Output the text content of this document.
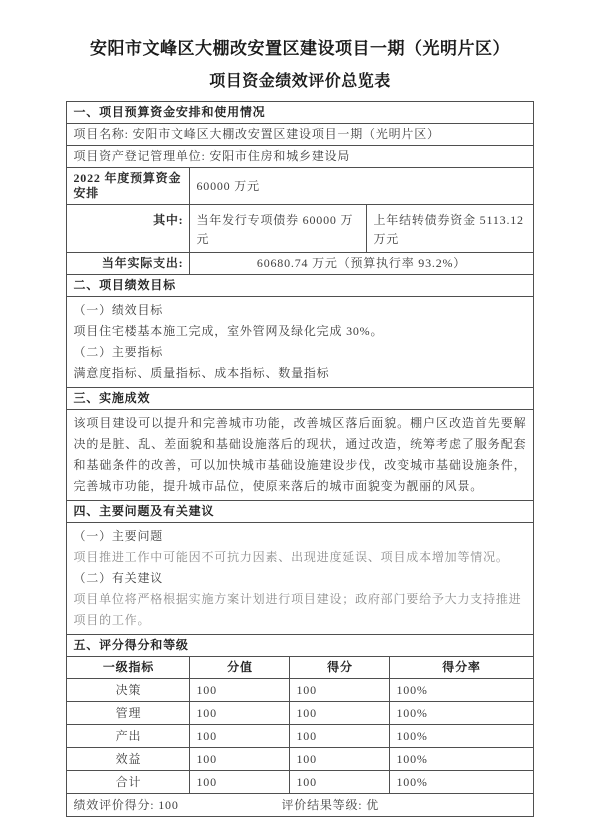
安阳市文峰区大棚改安置区建设项目一期（光明片区）
项目资金绩效评价总览表
一、项目预算资金安排和使用情况				
项目名称: 安阳市文峰区大棚改安置区建设项目一期（光明片区）				
项目资产登记管理单位: 安阳市住房和城乡建设局				
2022 年度预算资金安排	60000 万元			
其中:	当年发行专项债券 60000 万元		上年结转债券资金 5113.12 万元	
当年实际支出:	60680.74 万元（预算执行率 93.2%）			
二、项目绩效目标				

（一）绩效目标

项目住宅楼基本施工完成，室外管网及绿化完成 30%。

（二）主要指标

满意度指标、质量指标、成本指标、数量指标				

三、实施成效				

该项目建设可以提升和完善城市功能，改善城区落后面貌。棚户区改造首先要解决的是脏、乱、差面貌和基础设施落后的现状，通过改造，统筹考虑了服务配套和基础条件的改善，可以加快城市基础设施建设步伐，改变城市基础设施条件，完善城市功能，提升城市品位，使原来落后的城市面貌变为靓丽的风景。				

四、主要问题及有关建议				

（一）主要问题

项目推进工作中可能因不可抗力因素、出现进度延误、项目成本增加等情况。

（二）有关建议

项目单位将严格根据实施方案计划进行项目建设；政府部门要给予大力支持推进项目的工作。				

五、评分得分和等级				
一级指标	分值	得分		得分率
决策	100	100		100%
管理	100	100		100%
产出	100	100		100%
效益	100	100		100%
合计	100	100		100%

绩效评价得分: 100 评价结果等级: 优				
